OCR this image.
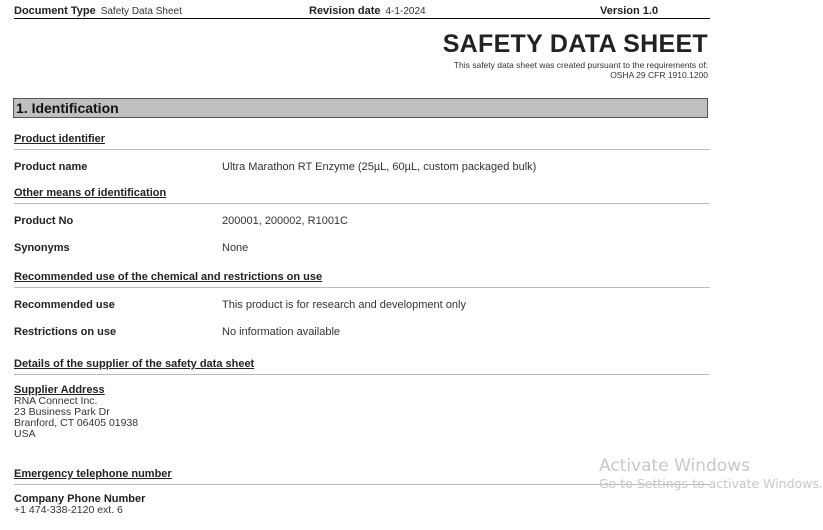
Document Type Safety Data Sheet	Revision date 4-1-2024	Version 1.0
SAFETY DATA SHEET
This safety data sheet was created pursuant to the requirements of:
OSHA 29 CFR 1910.1200
1. Identification
Product identifier
Product name	Ultra Marathon RT Enzyme (25µL, 60µL, custom packaged bulk)
Other means of identification
Product No	200001, 200002, R1001C
Synonyms	None
Recommended use of the chemical and restrictions on use
Recommended use	This product is for research and development only
Restrictions on use	No information available
Details of the supplier of the safety data sheet
Supplier Address
RNA Connect Inc.
23 Business Park Dr
Branford, CT 06405 01938
USA
Emergency telephone number
Company Phone Number
+1 474-338-2120 ext. 6
Activate Windows
Go to Settings to activate Windows.
